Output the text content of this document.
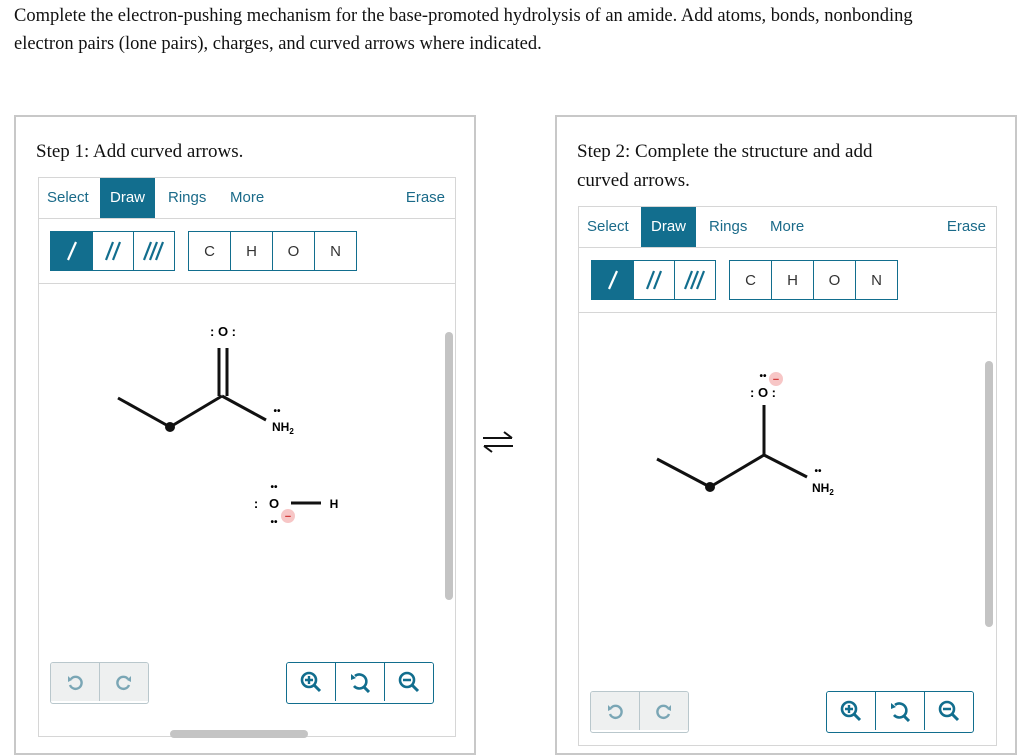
Complete the electron-pushing mechanism for the base-promoted hydrolysis of an amide. Add atoms, bonds, nonbonding
electron pairs (lone pairs), charges, and curved arrows where indicated.

Step 1: Add curved arrows.

Select	Draw	Rings More	Erase
C	H	O	N
: O :
••
$NH_2$
••
: O
•• −
H

Step 2: Complete the structure and add
curved arrows.

Select	Draw	Rings More	Erase
C	H	O	N
•• −
: O :
••
$NH_2$
